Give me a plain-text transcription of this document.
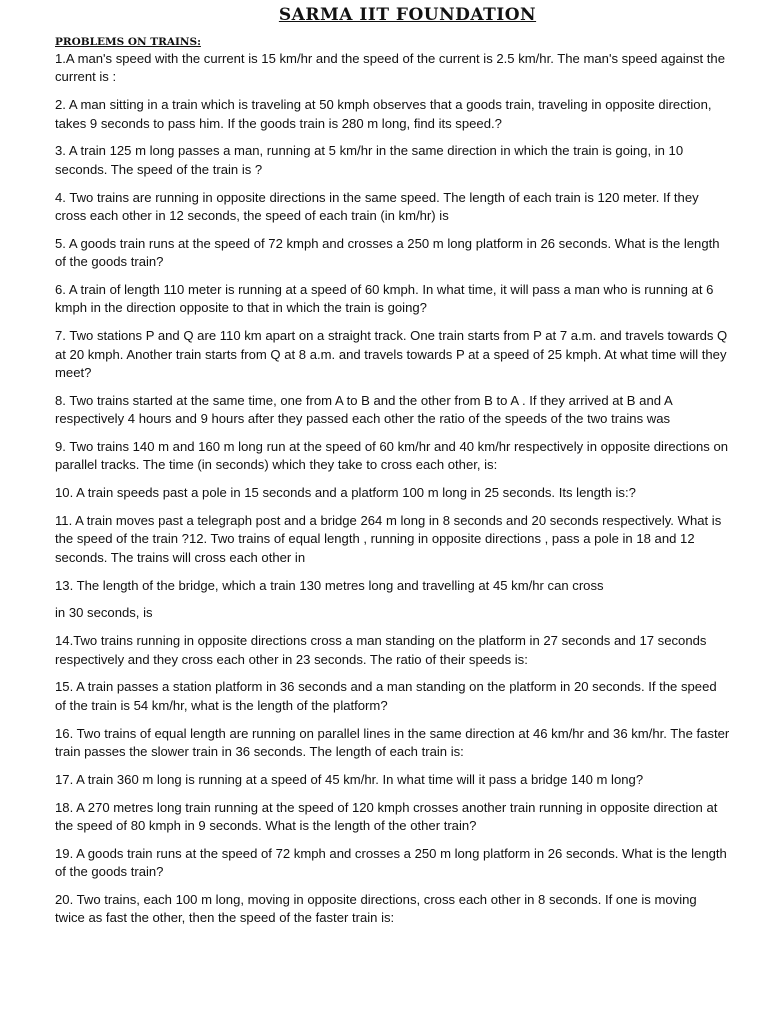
SARMA IIT FOUNDATION
PROBLEMS ON TRAINS:
1.A man's speed with the current is 15 km/hr and the speed of the current is 2.5 km/hr. The man's speed against the current is :
2. A man sitting in a train which is traveling at 50 kmph observes that a goods train, traveling in opposite direction, takes 9 seconds to pass him. If the goods train is 280 m long, find its speed.?
3. A train 125 m long passes a man, running at 5 km/hr in the same direction in which the train is going, in 10 seconds. The speed of the train is ?
4. Two trains are running in opposite directions in the same speed. The length of each train is 120 meter. If they cross each other in 12 seconds, the speed of each train (in km/hr) is
5. A goods train runs at the speed of 72 kmph and crosses a 250 m long platform in 26 seconds. What is the length of the goods train?
6. A train of length 110 meter is running at a speed of 60 kmph. In what time, it will pass a man who is running at 6 kmph in the direction opposite to that in which the train is going?
7. Two stations P and Q are 110 km apart on a straight track. One train starts from P at 7 a.m. and travels towards Q at 20 kmph. Another train starts from Q at 8 a.m. and travels towards P at a speed of 25 kmph. At what time will they meet?
8. Two trains started at the same time, one from A to B and the other from B to A . If they arrived at B and A respectively 4 hours and 9 hours after they passed each other the ratio of the speeds of the two trains was
9. Two trains 140 m and 160 m long run at the speed of 60 km/hr and 40 km/hr respectively in opposite directions on parallel tracks. The time (in seconds) which they take to cross each other, is:
10. A train speeds past a pole in 15 seconds and a platform 100 m long in 25 seconds. Its length is:?
11. A train moves past a telegraph post and a bridge 264 m long in 8 seconds and 20 seconds respectively. What is the speed of the train ?12. Two trains of equal length , running in opposite directions , pass a pole in 18 and 12 seconds. The trains will cross each other in
13. The length of the bridge, which a train 130 metres long and travelling at 45 km/hr can cross
in 30 seconds, is
14.Two trains running in opposite directions cross a man standing on the platform in 27 seconds and 17 seconds respectively and they cross each other in 23 seconds. The ratio of their speeds is:
15. A train passes a station platform in 36 seconds and a man standing on the platform in 20 seconds. If the speed of the train is 54 km/hr, what is the length of the platform?
16. Two trains of equal length are running on parallel lines in the same direction at 46 km/hr and 36 km/hr. The faster train passes the slower train in 36 seconds. The length of each train is:
17. A train 360 m long is running at a speed of 45 km/hr. In what time will it pass a bridge 140 m long?
18. A 270 metres long train running at the speed of 120 kmph crosses another train running in opposite direction at the speed of 80 kmph in 9 seconds. What is the length of the other train?
19. A goods train runs at the speed of 72 kmph and crosses a 250 m long platform in 26 seconds. What is the length of the goods train?
20. Two trains, each 100 m long, moving in opposite directions, cross each other in 8 seconds. If one is moving twice as fast the other, then the speed of the faster train is:
